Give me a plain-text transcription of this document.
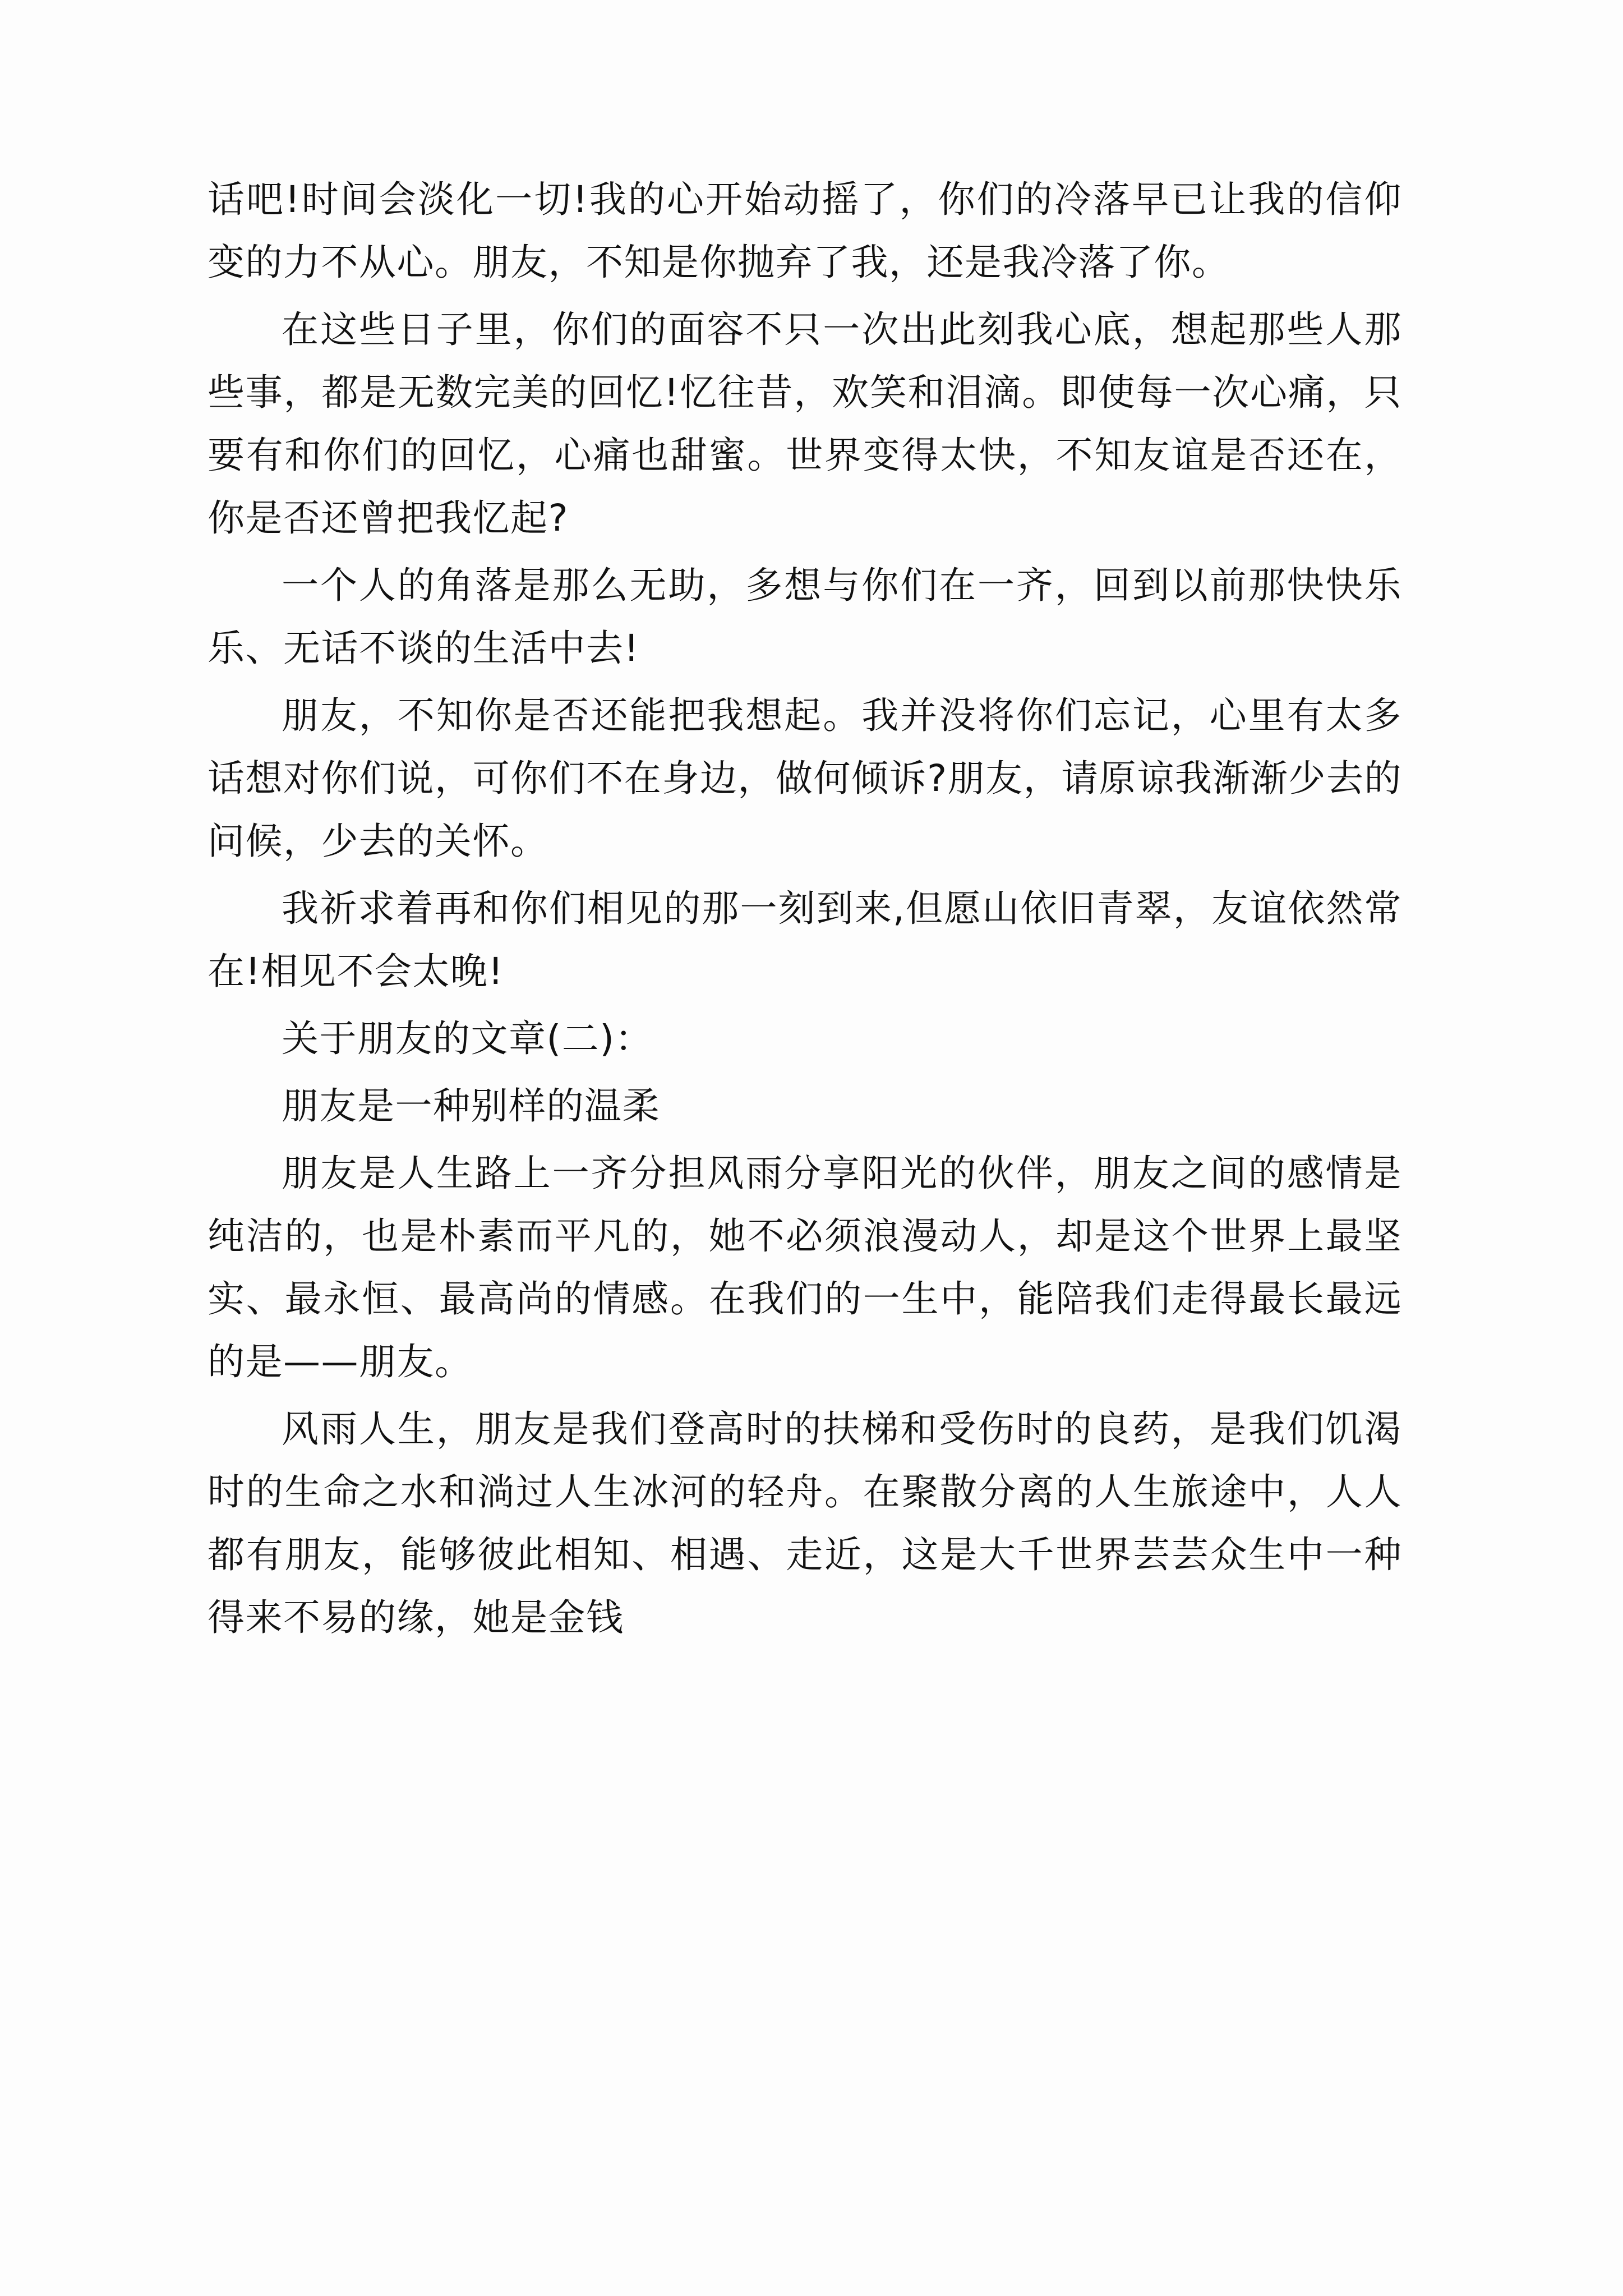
话吧!时间会淡化一切!我的心开始动摇了，你们的冷落早已让我的信仰变的力不从心。朋友，不知是你抛弃了我，还是我冷落了你。

在这些日子里，你们的面容不只一次出此刻我心底，想起那些人那些事，都是无数完美的回忆!忆往昔，欢笑和泪滴。即使每一次心痛，只要有和你们的回忆，心痛也甜蜜。世界变得太快，不知友谊是否还在，你是否还曾把我忆起?

一个人的角落是那么无助，多想与你们在一齐，回到以前那快快乐乐、无话不谈的生活中去!

朋友，不知你是否还能把我想起。我并没将你们忘记，心里有太多话想对你们说，可你们不在身边，做何倾诉?朋友，请原谅我渐渐少去的问候，少去的关怀。

我祈求着再和你们相见的那一刻到来,但愿山依旧青翠，友谊依然常在!相见不会太晚!

关于朋友的文章(二)：

朋友是一种别样的温柔

朋友是人生路上一齐分担风雨分享阳光的伙伴，朋友之间的感情是纯洁的，也是朴素而平凡的，她不必须浪漫动人，却是这个世界上最坚实、最永恒、最高尚的情感。在我们的一生中，能陪我们走得最长最远的是——朋友。

风雨人生，朋友是我们登高时的扶梯和受伤时的良药，是我们饥渴时的生命之水和淌过人生冰河的轻舟。在聚散分离的人生旅途中，人人都有朋友，能够彼此相知、相遇、走近，这是大千世界芸芸众生中一种得来不易的缘，她是金钱
